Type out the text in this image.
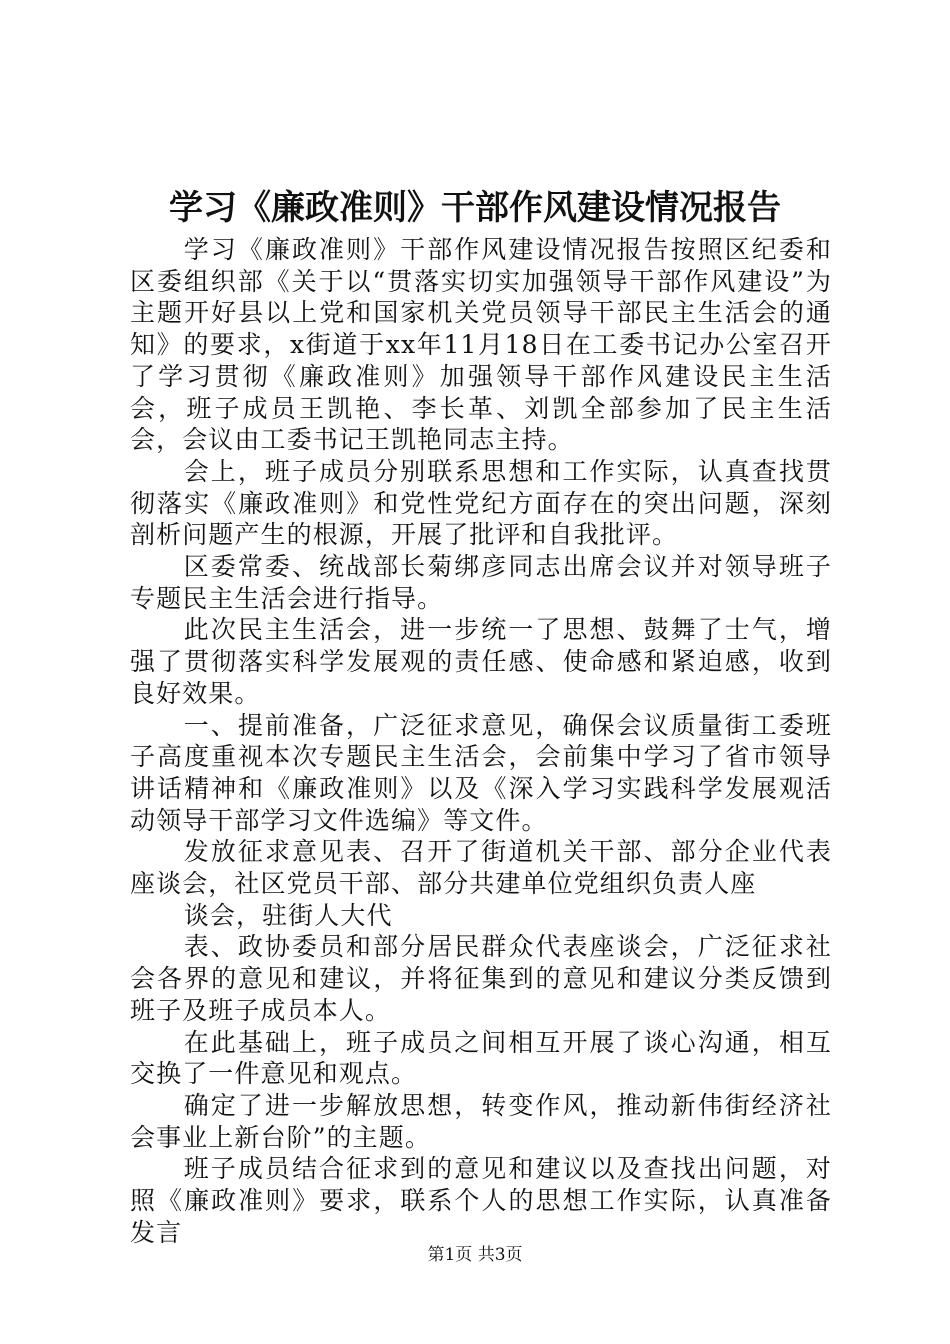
学习《廉政准则》干部作风建设情况报告

学习《廉政准则》干部作风建设情况报告按照区纪委和区委组织部《关于以“贯落实切实加强领导干部作风建设”为主题开好县以上党和国家机关党员领导干部民主生活会的通知》的要求，x街道于xx年11月18日在工委书记办公室召开了学习贯彻《廉政准则》加强领导干部作风建设民主生活会，班子成员王凯艳、李长革、刘凯全部参加了民主生活会，会议由工委书记王凯艳同志主持。

会上，班子成员分别联系思想和工作实际，认真查找贯彻落实《廉政准则》和党性党纪方面存在的突出问题，深刻剖析问题产生的根源，开展了批评和自我批评。

区委常委、统战部长菊绑彦同志出席会议并对领导班子专题民主生活会进行指导。

此次民主生活会，进一步统一了思想、鼓舞了士气，增强了贯彻落实科学发展观的责任感、使命感和紧迫感，收到良好效果。

一、提前准备，广泛征求意见，确保会议质量街工委班子高度重视本次专题民主生活会，会前集中学习了省市领导讲话精神和《廉政准则》以及《深入学习实践科学发展观活动领导干部学习文件选编》等文件。

发放征求意见表、召开了街道机关干部、部分企业代表座谈会，社区党员干部、部分共建单位党组织负责人座

谈会，驻街人大代

表、政协委员和部分居民群众代表座谈会，广泛征求社会各界的意见和建议，并将征集到的意见和建议分类反馈到班子及班子成员本人。

在此基础上，班子成员之间相互开展了谈心沟通，相互交换了一件意见和观点。

确定了进一步解放思想，转变作风，推动新伟街经济社会事业上新台阶”的主题。

班子成员结合征求到的意见和建议以及查找出问题，对照《廉政准则》要求，联系个人的思想工作实际，认真准备发言

第1页 共3页
